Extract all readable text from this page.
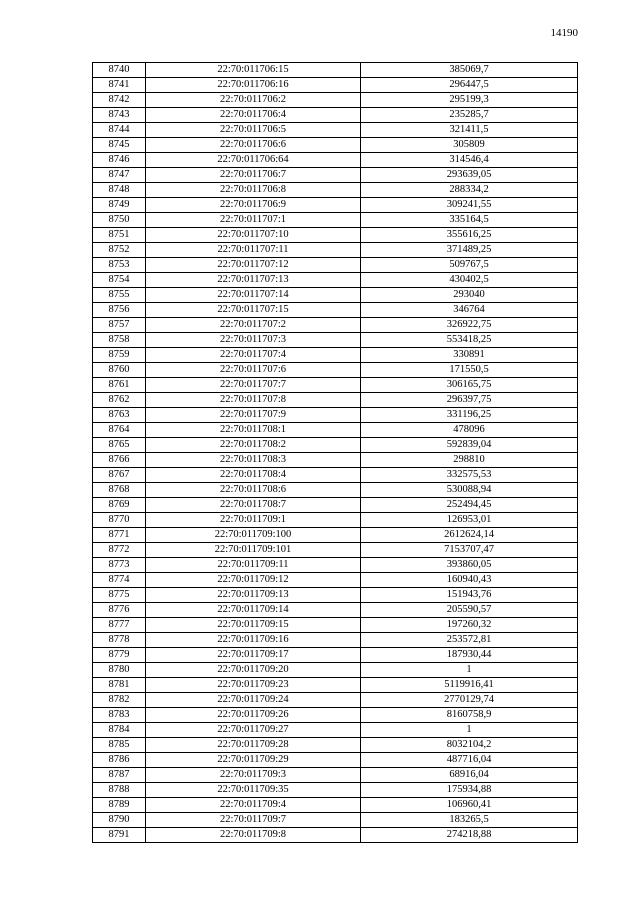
14190
8740	22:70:011706:15	385069,7
8741	22:70:011706:16	296447,5
8742	22:70:011706:2	295199,3
8743	22:70:011706:4	235285,7
8744	22:70:011706:5	321411,5
8745	22:70:011706:6	305809
8746	22:70:011706:64	314546,4
8747	22:70:011706:7	293639,05
8748	22:70:011706:8	288334,2
8749	22:70:011706:9	309241,55
8750	22:70:011707:1	335164,5
8751	22:70:011707:10	355616,25
8752	22:70:011707:11	371489,25
8753	22:70:011707:12	509767,5
8754	22:70:011707:13	430402,5
8755	22:70:011707:14	293040
8756	22:70:011707:15	346764
8757	22:70:011707:2	326922,75
8758	22:70:011707:3	553418,25
8759	22:70:011707:4	330891
8760	22:70:011707:6	171550,5
8761	22:70:011707:7	306165,75
8762	22:70:011707:8	296397,75
8763	22:70:011707:9	331196,25
8764	22:70:011708:1	478096
8765	22:70:011708:2	592839,04
8766	22:70:011708:3	298810
8767	22:70:011708:4	332575,53
8768	22:70:011708:6	530088,94
8769	22:70:011708:7	252494,45
8770	22:70:011709:1	126953,01
8771	22:70:011709:100	2612624,14
8772	22:70:011709:101	7153707,47
8773	22:70:011709:11	393860,05
8774	22:70:011709:12	160940,43
8775	22:70:011709:13	151943,76
8776	22:70:011709:14	205590,57
8777	22:70:011709:15	197260,32
8778	22:70:011709:16	253572,81
8779	22:70:011709:17	187930,44
8780	22:70:011709:20	1
8781	22:70:011709:23	5119916,41
8782	22:70:011709:24	2770129,74
8783	22:70:011709:26	8160758,9
8784	22:70:011709:27	1
8785	22:70:011709:28	8032104,2
8786	22:70:011709:29	487716,04
8787	22:70:011709:3	68916,04
8788	22:70:011709:35	175934,88
8789	22:70:011709:4	106960,41
8790	22:70:011709:7	183265,5
8791	22:70:011709:8	274218,88
